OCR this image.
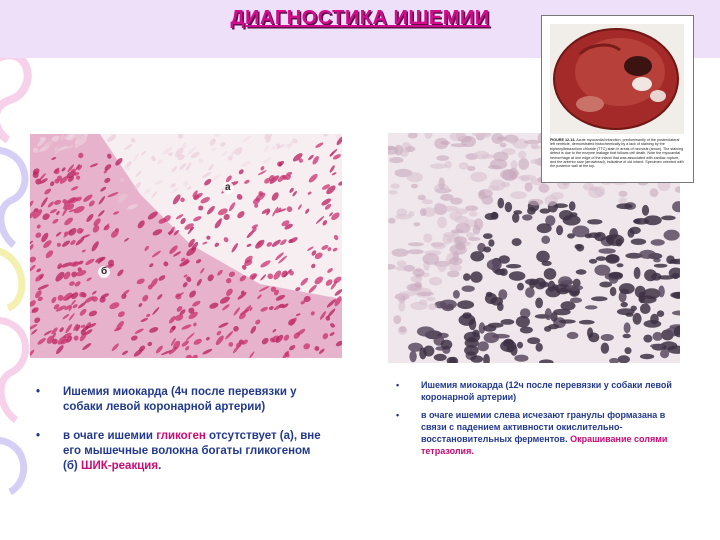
ДИАГНОСТИКА ИШЕМИИ
а
б
FIGURE 12-13. Acute myocardial infarction, predominantly of the posterolateral left ventricle, demonstrated histochemically by a lack of staining by the triphenyltetrazolium chloride (TTC) stain in areas of necrosis (arrow). The staining defect is due to the enzyme leakage that follows cell death. Note the myocardial hemorrhage at one edge of the infarct that was associated with cardiac rupture, and the anterior scar (arrowhead), indicative of old infarct. Specimen oriented with the posterior wall at the top.
• Ишемия миокарда (4ч после перевязки у собаки левой коронарной артерии)
• в очаге ишемии гликоген отсутствует (а), вне его мышечные волокна богаты гликогеном (б) ШИК-реакция.
• Ишемия миокарда (12ч после перевязки у собаки левой коронарной артерии)
• в очаге ишемии слева исчезают гранулы формазана в связи с падением активности окислительно-восстановительных ферментов. Окрашивание солями тетразолия.
